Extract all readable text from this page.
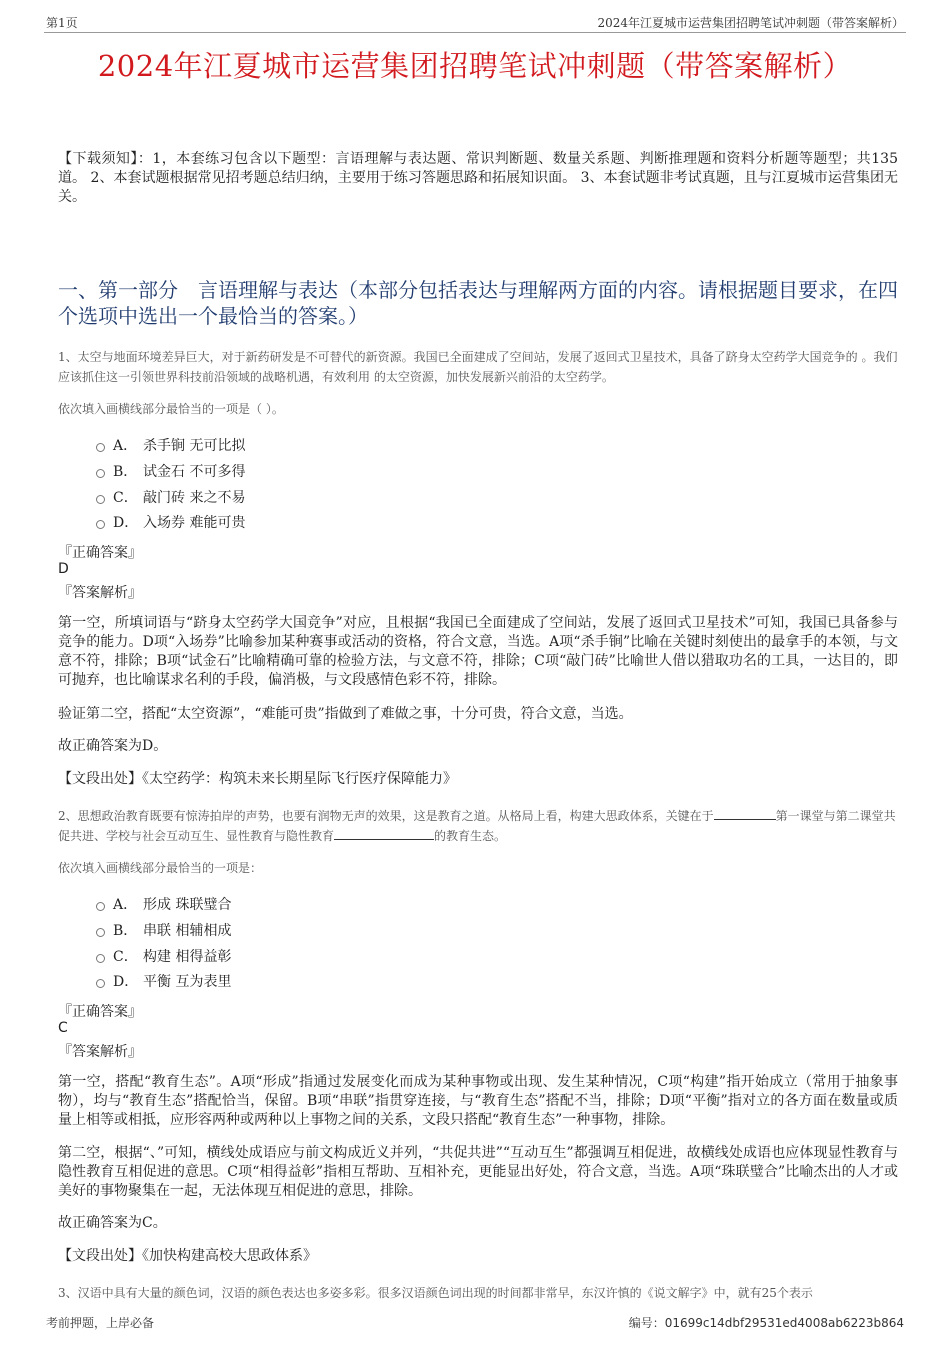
第1页	2024年江夏城市运营集团招聘笔试冲刺题（带答案解析）
2024年江夏城市运营集团招聘笔试冲刺题（带答案解析）
【下载须知】：1，本套练习包含以下题型：言语理解与表达题、常识判断题、数量关系题、判断推理题和资料分析题等题型；共135道。 2、本套试题根据常见招考题总结归纳，主要用于练习答题思路和拓展知识面。 3、本套试题非考试真题，且与江夏城市运营集团无关。
一、第一部分　言语理解与表达（本部分包括表达与理解两方面的内容。请根据题目要求，在四个选项中选出一个最恰当的答案。）
1、太空与地面环境差异巨大，对于新药研发是不可替代的新资源。我国已全面建成了空间站，发展了返回式卫星技术，具备了跻身太空药学大国竞争的 。我们应该抓住这一引领世界科技前沿领域的战略机遇，有效利用 的太空资源，加快发展新兴前沿的太空药学。
依次填入画横线部分最恰当的一项是（ ）。
A． 杀手锏 无可比拟
B． 试金石 不可多得
C． 敲门砖 来之不易
D． 入场券 难能可贵
『正确答案』
D
『答案解析』
第一空，所填词语与“跻身太空药学大国竞争”对应，且根据“我国已全面建成了空间站，发展了返回式卫星技术”可知，我国已具备参与竞争的能力。D项“入场券”比喻参加某种赛事或活动的资格，符合文意，当选。A项“杀手锏”比喻在关键时刻使出的最拿手的本领，与文意不符，排除；B项“试金石”比喻精确可靠的检验方法，与文意不符，排除；C项“敲门砖”比喻世人借以猎取功名的工具，一达目的，即可抛弃，也比喻谋求名利的手段，偏消极，与文段感情色彩不符，排除。
验证第二空，搭配“太空资源”，“难能可贵”指做到了难做之事，十分可贵，符合文意，当选。
故正确答案为D。
【文段出处】《太空药学：构筑未来长期星际飞行医疗保障能力》
2、思想政治教育既要有惊涛拍岸的声势，也要有润物无声的效果，这是教育之道。从格局上看，构建大思政体系，关键在于	第一课堂与第二课堂共促共进、学校与社会互动互生、显性教育与隐性教育	的教育生态。
依次填入画横线部分最恰当的一项是：
A． 形成 珠联璧合
B． 串联 相辅相成
C． 构建 相得益彰
D． 平衡 互为表里
『正确答案』
C
『答案解析』
第一空，搭配“教育生态”。A项“形成”指通过发展变化而成为某种事物或出现、发生某种情况，C项“构建”指开始成立（常用于抽象事物），均与“教育生态”搭配恰当，保留。B项“串联”指贯穿连接，与“教育生态”搭配不当，排除；D项“平衡”指对立的各方面在数量或质量上相等或相抵，应形容两种或两种以上事物之间的关系，文段只搭配“教育生态”一种事物，排除。
第二空，根据“、”可知，横线处成语应与前文构成近义并列，“共促共进”“互动互生”都强调互相促进，故横线处成语也应体现显性教育与隐性教育互相促进的意思。C项“相得益彰”指相互帮助、互相补充，更能显出好处，符合文意，当选。A项“珠联璧合”比喻杰出的人才或美好的事物聚集在一起，无法体现互相促进的意思，排除。
故正确答案为C。
【文段出处】《加快构建高校大思政体系》
3、汉语中具有大量的颜色词，汉语的颜色表达也多姿多彩。很多汉语颜色词出现的时间都非常早，东汉许慎的《说文解字》中，就有25个表示
考前押题，上岸必备	编号：01699c14dbf29531ed4008ab6223b864
